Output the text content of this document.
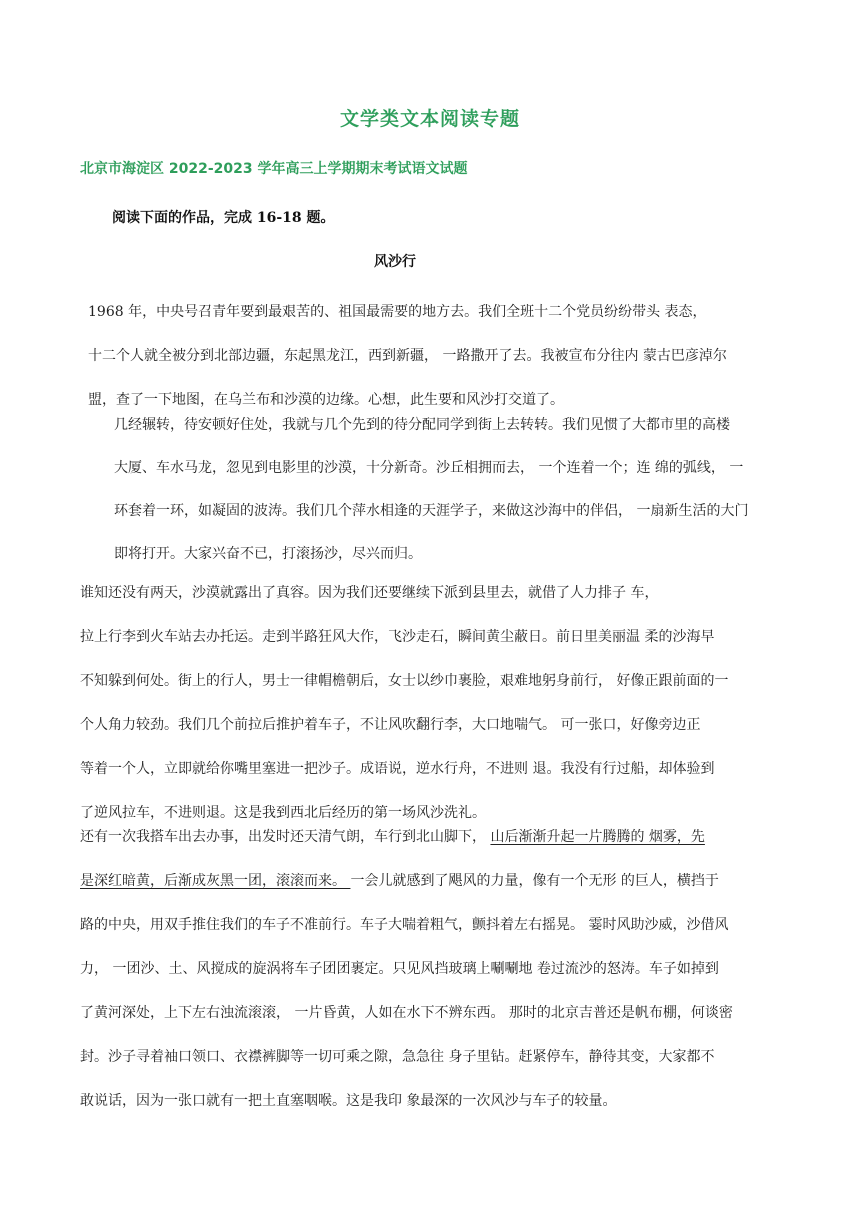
文学类文本阅读专题
北京市海淀区 2022-2023 学年高三上学期期末考试语文试题
阅读下面的作品，完成 16-18 题。
风沙行

1968 年，中央号召青年要到最艰苦的、祖国最需要的地方去。我们全班十二个党员纷纷带头 表态，
十二个人就全被分到北部边疆，东起黑龙江，西到新疆， 一路撒开了去。我被宣布分往内 蒙古巴彦淖尔
盟，查了一下地图，在乌兰布和沙漠的边缘。心想，此生要和风沙打交道了。

几经辗转，待安顿好住处，我就与几个先到的待分配同学到街上去转转。我们见惯了大都市里的高楼
大厦、车水马龙，忽见到电影里的沙漠，十分新奇。沙丘相拥而去， 一个连着一个；连 绵的弧线， 一
环套着一环，如凝固的波涛。我们几个萍水相逢的天涯学子，来做这沙海中的伴侣， 一扇新生活的大门
即将打开。大家兴奋不已，打滚扬沙，尽兴而归。

谁知还没有两天，沙漠就露出了真容。因为我们还要继续下派到县里去，就借了人力排子 车，
拉上行李到火车站去办托运。走到半路狂风大作，飞沙走石，瞬间黄尘蔽日。前日里美丽温 柔的沙海早
不知躲到何处。街上的行人，男士一律帽檐朝后，女士以纱巾裹脸，艰难地躬身前行， 好像正跟前面的一
个人角力较劲。我们几个前拉后推护着车子，不让风吹翻行李，大口地喘气。 可一张口，好像旁边正
等着一个人，立即就给你嘴里塞进一把沙子。成语说，逆水行舟，不进则 退。我没有行过船，却体验到
了逆风拉车，不进则退。这是我到西北后经历的第一场风沙洗礼。

还有一次我搭车出去办事，出发时还天清气朗，车行到北山脚下， 山后渐渐升起一片腾腾的 烟雾，先
是深红暗黄，后渐成灰黑一团，滚滚而来。 一会儿就感到了飓风的力量，像有一个无形 的巨人，横挡于
路的中央，用双手推住我们的车子不准前行。车子大喘着粗气，颤抖着左右摇晃。 霎时风助沙威，沙借风
力， 一团沙、土、风搅成的旋涡将车子团团裹定。只见风挡玻璃上唰唰地 卷过流沙的怒涛。车子如掉到
了黄河深处，上下左右浊流滚滚， 一片昏黄，人如在水下不辨东西。 那时的北京吉普还是帆布棚，何谈密
封。沙子寻着袖口领口、衣襟裤脚等一切可乘之隙，急急往 身子里钻。赶紧停车，静待其变，大家都不
敢说话，因为一张口就有一把土直塞咽喉。这是我印 象最深的一次风沙与车子的较量。
